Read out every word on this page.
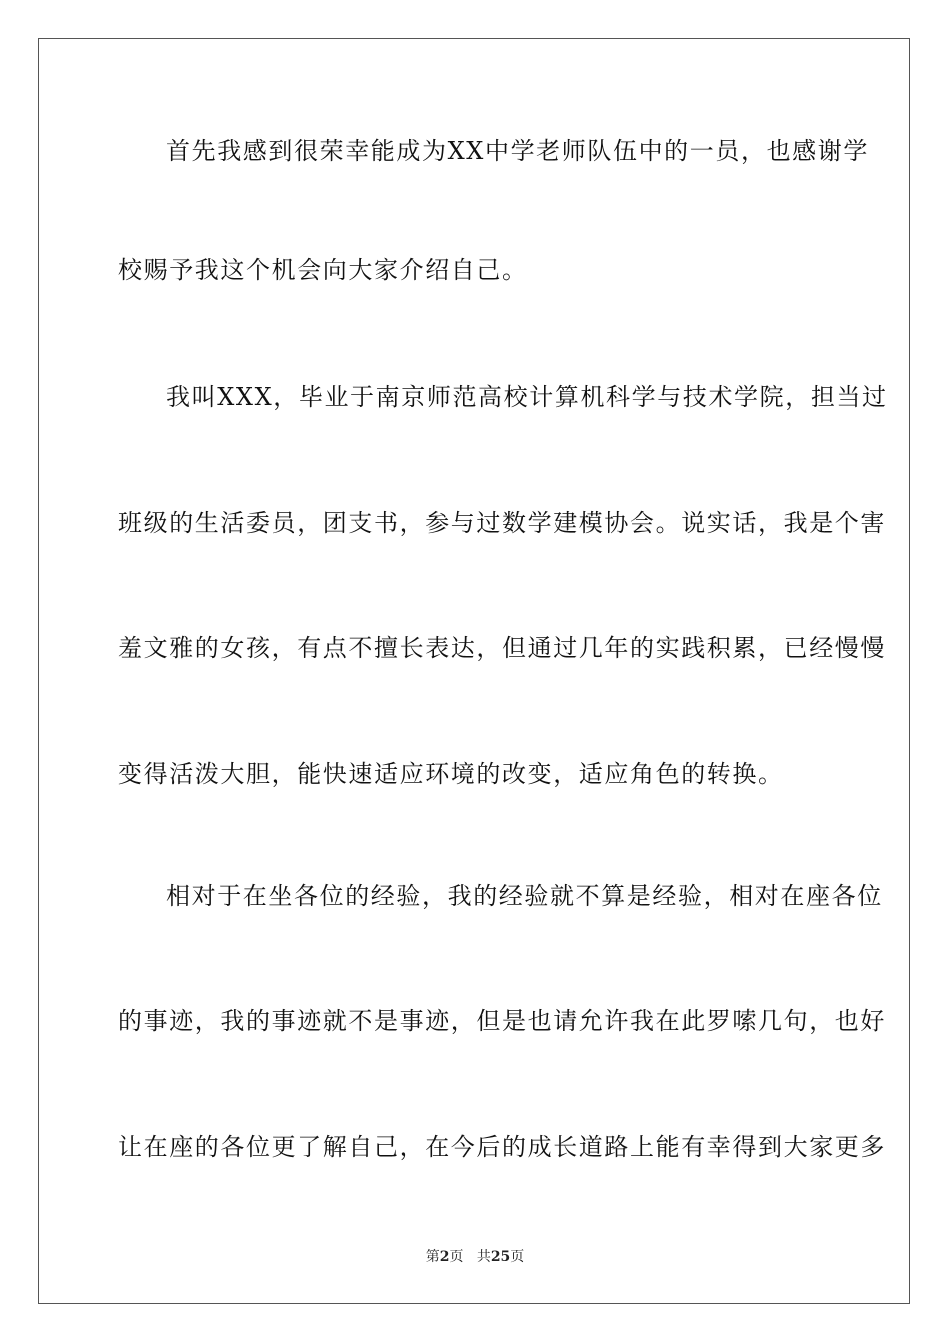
首先我感到很荣幸能成为XX中学老师队伍中的一员，也感谢学
校赐予我这个机会向大家介绍自己。
我叫XXX，毕业于南京师范高校计算机科学与技术学院，担当过
班级的生活委员，团支书，参与过数学建模协会。说实话，我是个害
羞文雅的女孩，有点不擅长表达，但通过几年的实践积累，已经慢慢
变得活泼大胆，能快速适应环境的改变，适应角色的转换。
相对于在坐各位的经验，我的经验就不算是经验，相对在座各位
的事迹，我的事迹就不是事迹，但是也请允许我在此罗嗦几句，也好
让在座的各位更了解自己，在今后的成长道路上能有幸得到大家更多
第2页 共25页
